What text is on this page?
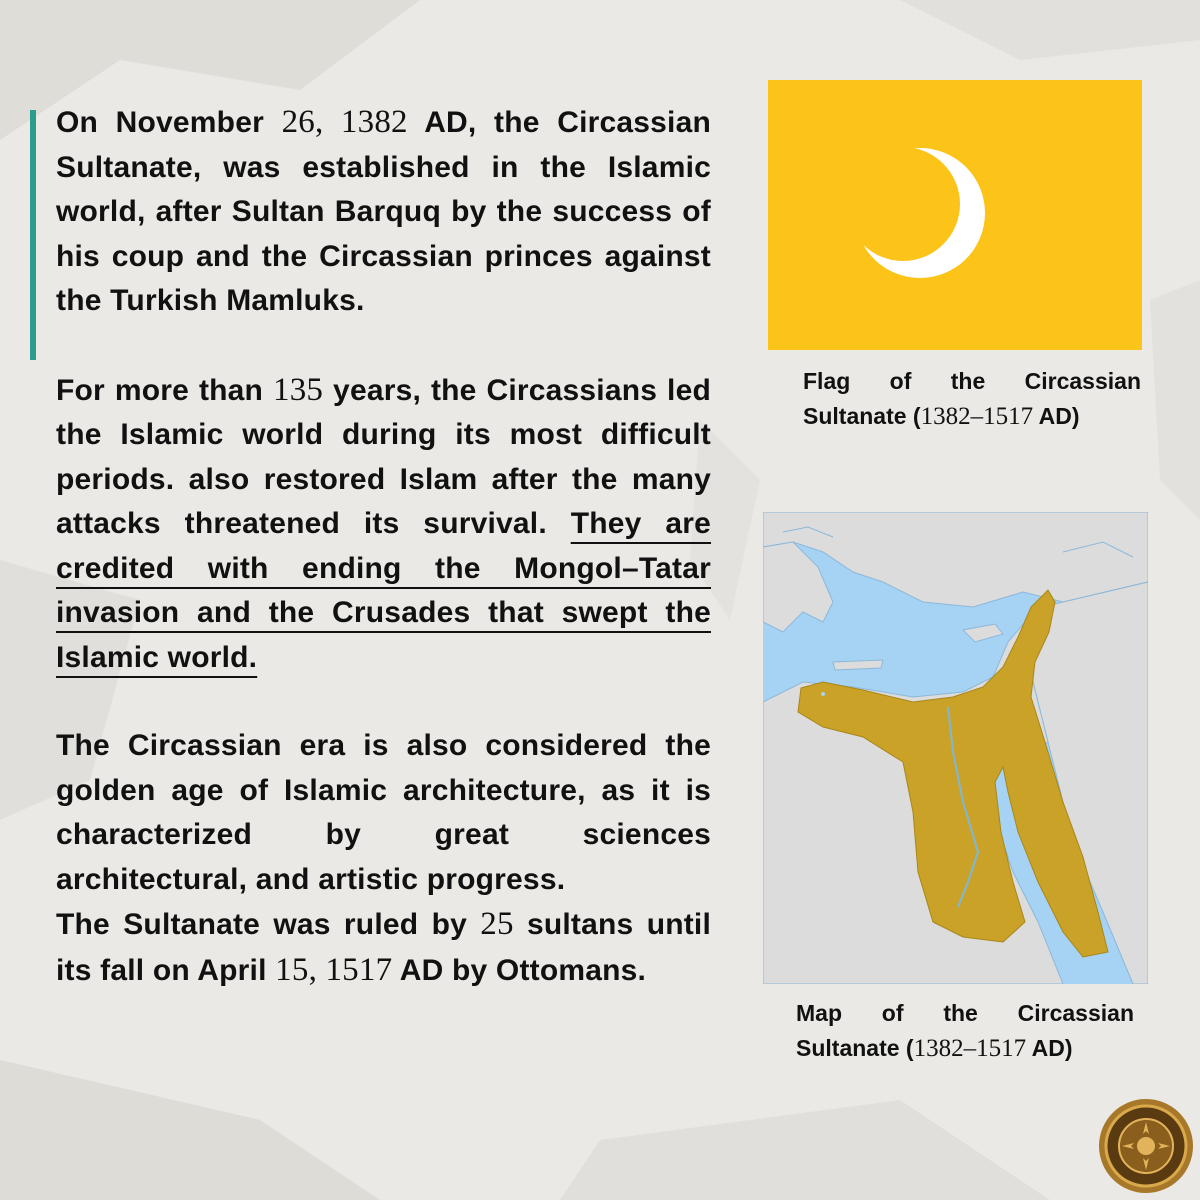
On November 26, 1382 AD, the Circassian Sultanate, was established in the Islamic world, after Sultan Barquq by the success of his coup and the Circassian princes against the Turkish Mamluks.

For more than 135 years, the Circassians led the Islamic world during its most difficult periods. also restored Islam after the many attacks threatened its survival. They are credited with ending the Mongol–Tatar invasion and the Crusades that swept the Islamic world.

The Circassian era is also considered the golden age of Islamic architecture, as it is characterized by great sciences architectural, and artistic progress.

The Sultanate was ruled by 25 sultans until its fall on April 15, 1517 AD by Ottomans.

Flag of the Circassian Sultanate (1382–1517 AD)
Map of the Circassian Sultanate (1382–1517 AD)
